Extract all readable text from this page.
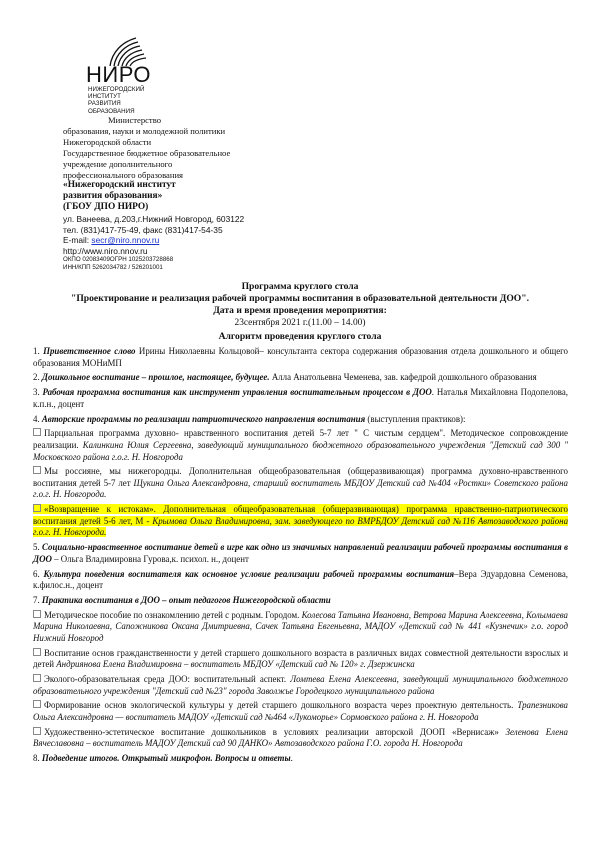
НИРО
НИЖЕГОРОДСКИЙ
ИНСТИТУТ
РАЗВИТИЯ
ОБРАЗОВАНИЯ
Министерство
образования, науки и молодежной политики
Нижегородской области
Государственное бюджетное образовательное
учреждение дополнительного
профессионального образования
«Нижегородский институт
развития образования»
(ГБОУ ДПО НИРО)
ул. Ванеева, д.203,г.Нижний Новгород, 603122
тел. (831)417-75-49, факс (831)417-54-35
E-mail: secr@niro.nnov.ru
http://www.niro.nnov.ru
ОКПО 02083409ОГРН 1025203728868
ИНН/КПП 5262034782 / 526201001
Программа круглого стола
"Проектирование и реализация рабочей программы воспитания в образовательной деятельности ДОО".
Дата и время проведения мероприятия:
23сентября 2021 г.(11.00 – 14.00)
Алгоритм проведения круглого стола

1. Приветственное слово Ирины Николаевны Кольцовой– консультанта сектора содержания образования отдела дошкольного и общего образования МОНиМП

2. Дошкольное воспитание – прошлое, настоящее, будущее. Алла Анатольевна Чеменева, зав. кафедрой дошкольного образования

3. Рабочая программа воспитания как инструмент управления воспитательным процессом в ДОО. Наталья Михайловна Подопелова, к.п.н., доцент

4. Авторские программы по реализации патриотического направления воспитания (выступления практиков):

Парциальная программа духовно- нравственного воспитания детей 5-7 лет " С чистым сердцем". Методическое сопровождение реализации. Калинкина Юлия Сергеевна, заведующий муниципального бюджетного образовательного учреждения "Детский сад 300 " Московского района г.о.г. Н. Новгорода

Мы россияне, мы нижегородцы. Дополнительная общеобразовательная (общеразвивающая) программа духовно-нравственного воспитания детей 5-7 лет Щукина Ольга Александровна, старший воспитатель МБДОУ Детский сад №404 «Ростки» Советского района г.о.г. Н. Новгорода.

«Возвращение к истокам». Дополнительная общеобразовательная (общеразвивающая) программа нравственно-патриотического воспитания детей 5-6 лет, М - Крымова Ольга Владимировна, зам. заведующего по ВМРБДОУ Детский сад №116 Автозаводского района г.о.г. Н. Новгорода.

5. Социально-нравственное воспитание детей в игре как одно из значимых направлений реализации рабочей программы воспитания в ДОО – Ольга Владимировна Гурова,к. психол. н., доцент

6. Культура поведения воспитателя как основное условие реализации рабочей программы воспитания–Вера Эдуардовна Семенова, к.филос.н., доцент

7. Практика воспитания в ДОО – опыт педагогов Нижегородской области

Методическое пособие по ознакомлению детей с родным. Городом. Колесова Татьяна Ивановна, Ветрова Марина Алексеевна, Колымаева Марина Николаевна, Сапожникова Оксана Дмитриевна, Сачек Татьяна Евгеньевна, МАДОУ «Детский сад № 441 «Кузнечик» г.о. город Нижний Новгород

Воспитание основ гражданственности у детей старшего дошкольного возраста в различных видах совместной деятельности взрослых и детей Андриянова Елена Владимировна – воспитатель МБДОУ «Детский сад № 120» г. Дзержинска

Эколого-образовательная среда ДОО: воспитательный аспект. Ломтева Елена Алексеевна, заведующий муниципального бюджетного образовательного учреждения "Детский сад №23" города Заволжье Городецкого муниципального района

Формирование основ экологической культуры у детей старшего дошкольного возраста через проектную деятельность. Трапезникова Ольга Александровна — воспитатель МАДОУ «Детский сад №464 «Лукоморье» Сормовского района г. Н. Новгорода

Художественно-эстетическое воспитание дошкольников в условиях реализации авторской ДООП «Вернисаж» Зеленова Елена Вячеславовна – воспитатель МАДОУ Детский сад 90 ДАНКО» Автозаводского района Г.О. города Н. Новгорода

8. Подведение итогов. Открытый микрофон. Вопросы и ответы.
